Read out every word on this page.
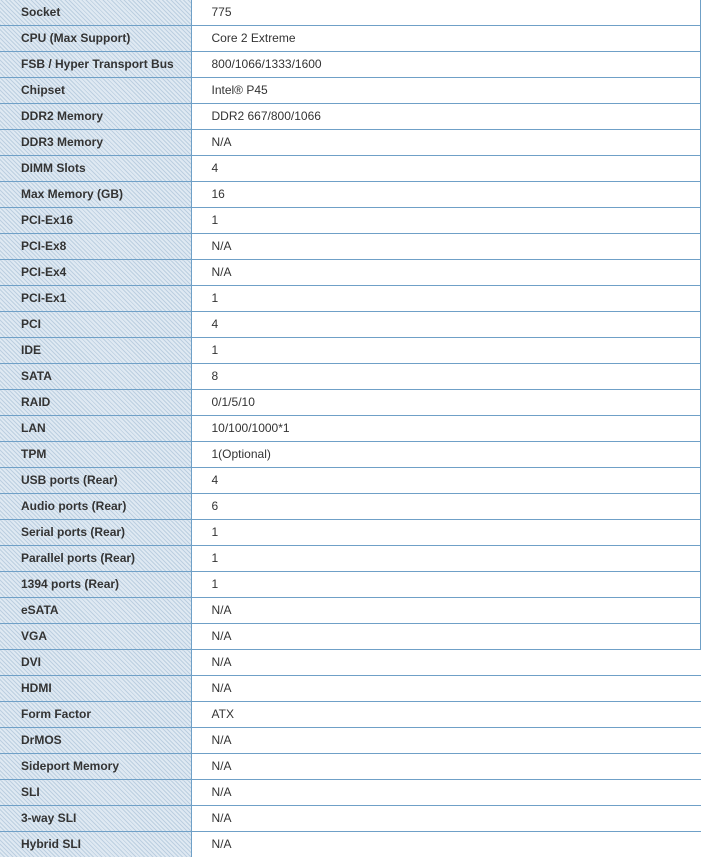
Socket	775
CPU (Max Support)	Core 2 Extreme
FSB / Hyper Transport Bus	800/1066/1333/1600
Chipset	Intel® P45
DDR2 Memory	DDR2 667/800/1066
DDR3 Memory	N/A
DIMM Slots	4
Max Memory (GB)	16
PCI-Ex16	1
PCI-Ex8	N/A
PCI-Ex4	N/A
PCI-Ex1	1
PCI	4
IDE	1
SATA	8
RAID	0/1/5/10
LAN	10/100/1000*1
TPM	1(Optional)
USB ports (Rear)	4
Audio ports (Rear)	6
Serial ports (Rear)	1
Parallel ports (Rear)	1
1394 ports (Rear)	1
eSATA	N/A
VGA	N/A
DVI	N/A
HDMI	N/A
Form Factor	ATX
DrMOS	N/A
Sideport Memory	N/A
SLI	N/A
3-way SLI	N/A
Hybrid SLI	N/A
